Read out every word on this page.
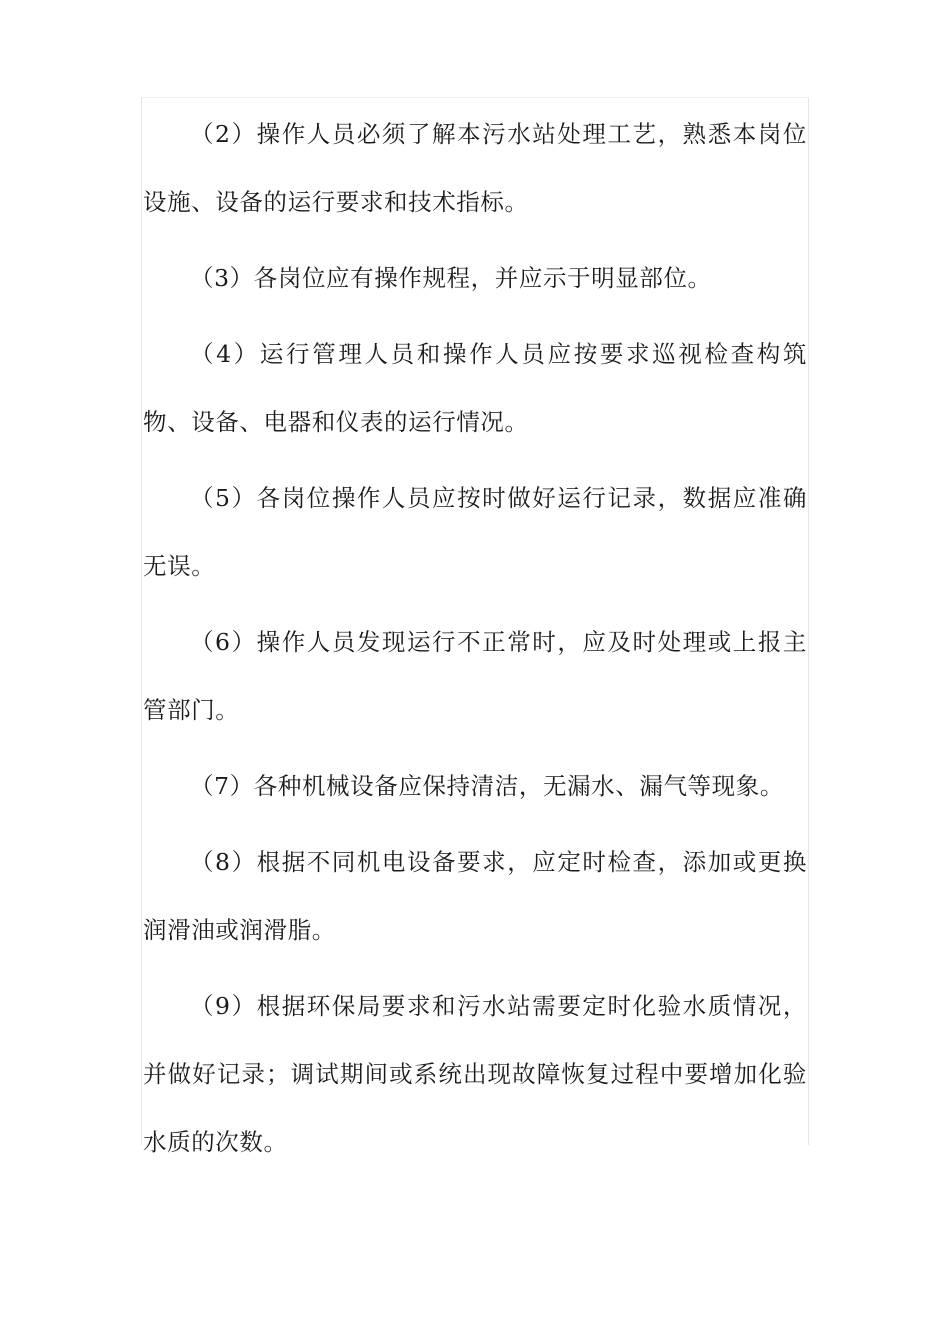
（2）操作人员必须了解本污水站处理工艺，熟悉本岗位设施、设备的运行要求和技术指标。

（3）各岗位应有操作规程，并应示于明显部位。

（4）运行管理人员和操作人员应按要求巡视检查构筑物、设备、电器和仪表的运行情况。

（5）各岗位操作人员应按时做好运行记录，数据应准确无误。

（6）操作人员发现运行不正常时，应及时处理或上报主管部门。

（7）各种机械设备应保持清洁，无漏水、漏气等现象。

（8）根据不同机电设备要求，应定时检查，添加或更换润滑油或润滑脂。

（9）根据环保局要求和污水站需要定时化验水质情况，并做好记录；调试期间或系统出现故障恢复过程中要增加化验水质的次数。
